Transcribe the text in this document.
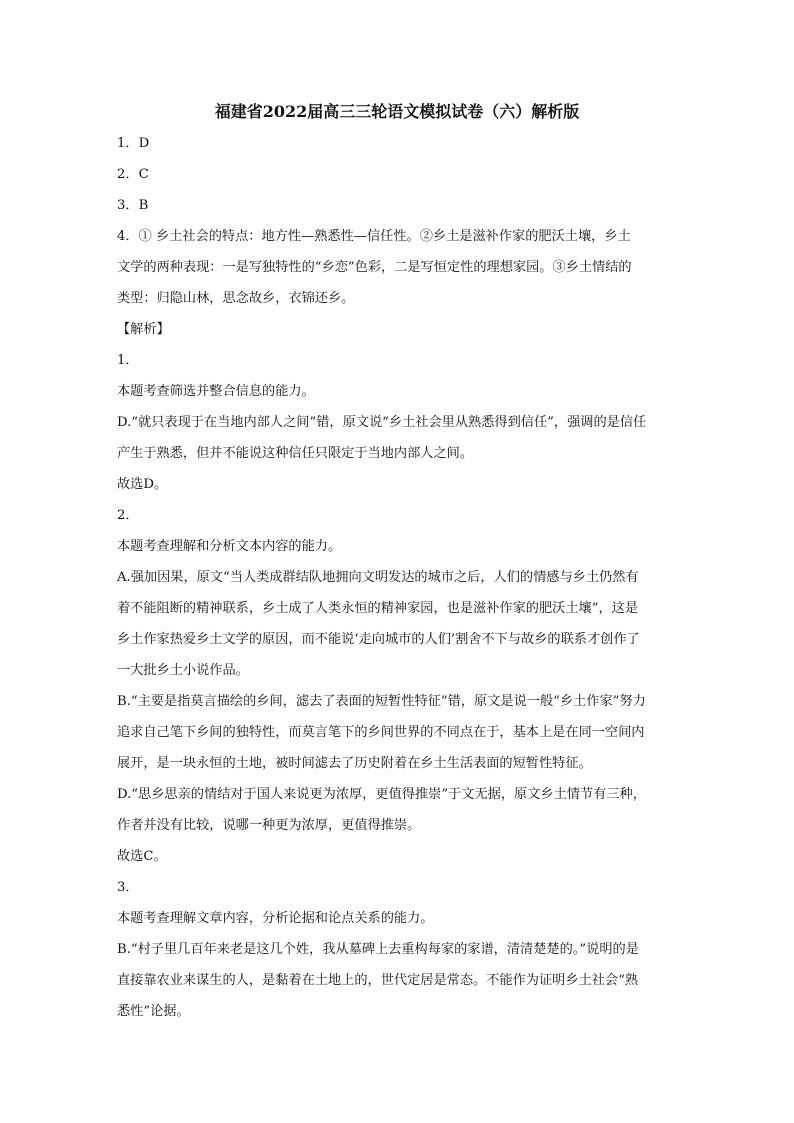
福建省2022届高三三轮语文模拟试卷（六）解析版
1．D
2．C
3．B
4．① 乡土社会的特点：地方性—熟悉性—信任性。②乡土是滋补作家的肥沃土壤，乡土
文学的两种表现：一是写独特性的“乡恋”色彩，二是写恒定性的理想家园。③乡土情结的
类型：归隐山林，思念故乡，衣锦还乡。
【解析】
1．
本题考查筛选并整合信息的能力。
D.“就只表现于在当地内部人之间”错，原文说“乡土社会里从熟悉得到信任”，强调的是信任
产生于熟悉，但并不能说这种信任只限定于当地内部人之间。
故选D。
2．
本题考查理解和分析文本内容的能力。
A.强加因果，原文“当人类成群结队地拥向文明发达的城市之后，人们的情感与乡土仍然有
着不能阻断的精神联系，乡土成了人类永恒的精神家园，也是滋补作家的肥沃土壤”，这是
乡土作家热爱乡土文学的原因，而不能说‘走向城市的人们’割舍不下与故乡的联系才创作了
一大批乡土小说作品。
B.“主要是指莫言描绘的乡间，滤去了表面的短暂性特征”错，原文是说一般“乡土作家”努力
追求自己笔下乡间的独特性，而莫言笔下的乡间世界的不同点在于，基本上是在同一空间内
展开，是一块永恒的土地，被时间滤去了历史附着在乡土生活表面的短暂性特征。
D.“思乡思亲的情结对于国人来说更为浓厚，更值得推崇”于文无据，原文乡土情节有三种，
作者并没有比较，说哪一种更为浓厚，更值得推崇。
故选C。
3．
本题考查理解文章内容，分析论据和论点关系的能力。
B.“村子里几百年来老是这几个姓，我从墓碑上去重构每家的家谱，清清楚楚的。”说明的是
直接靠农业来谋生的人，是黏着在土地上的，世代定居是常态。不能作为证明乡土社会“熟
悉性”论据。
